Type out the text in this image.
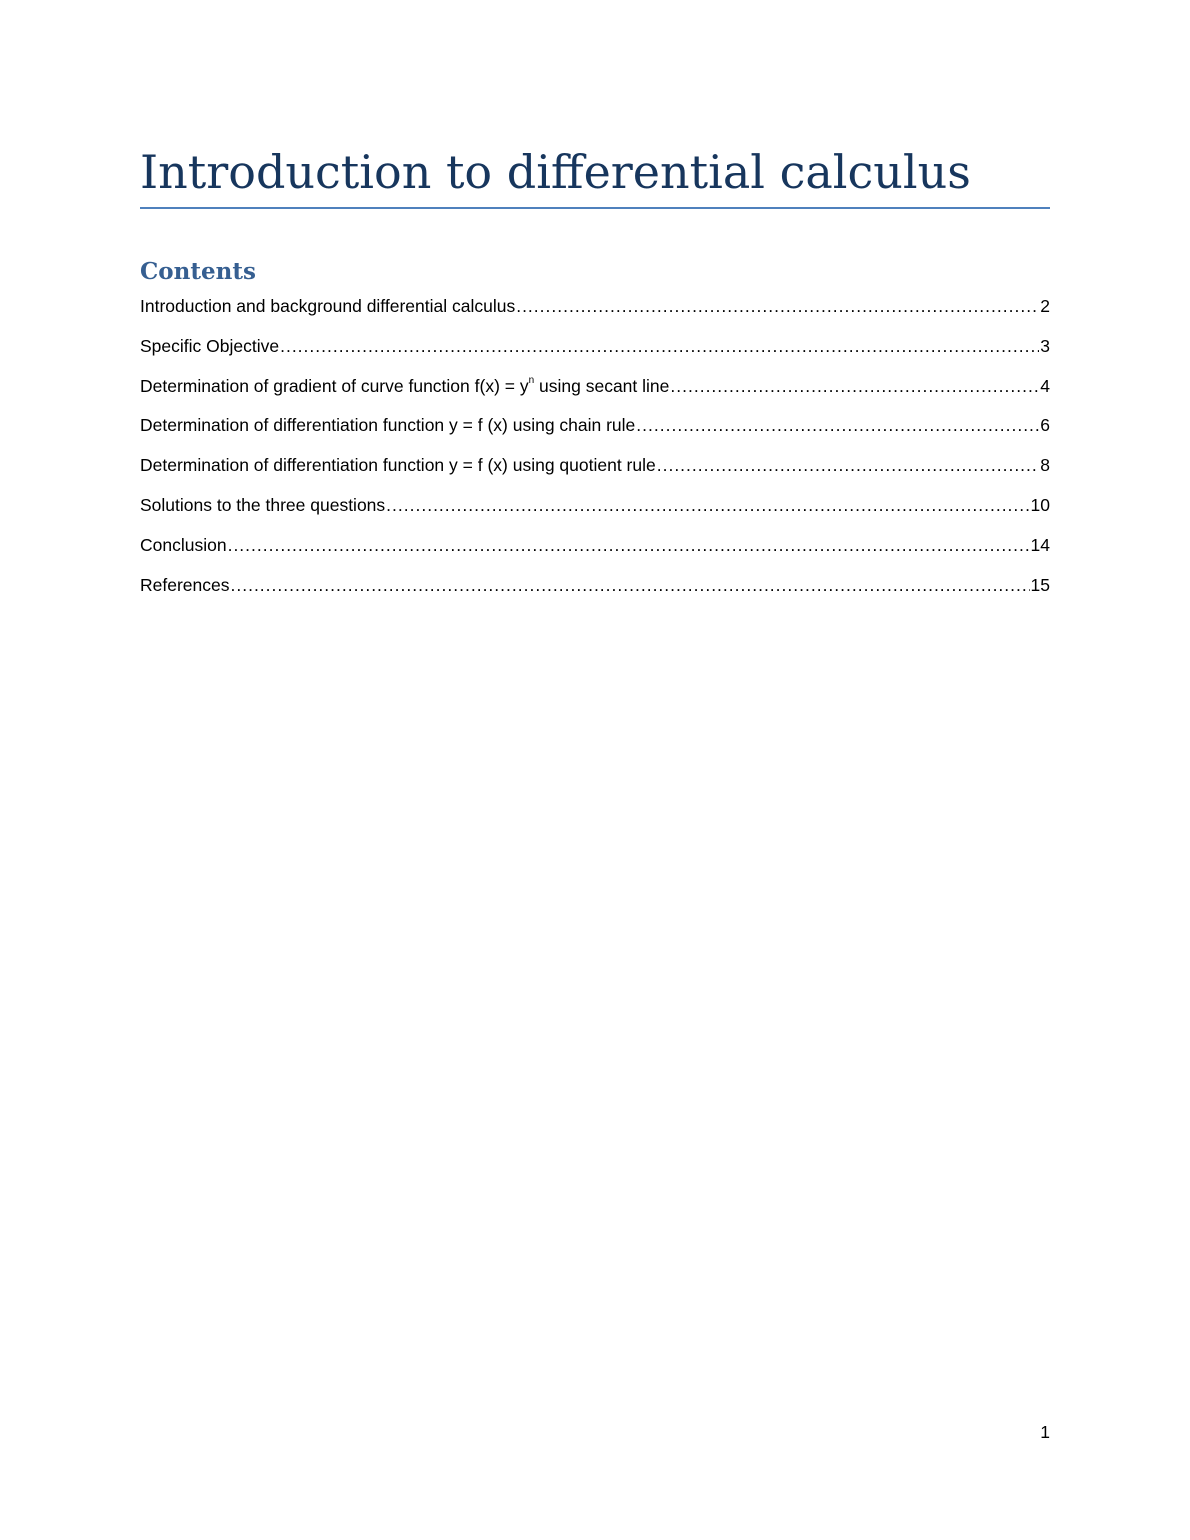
Introduction to differential calculus
Contents
Introduction and background differential calculus .....	2
Specific Objective .....	3
Determination of gradient of curve function $f(x) = y^n$ using secant line .....	4
Determination of differentiation function y = f (x) using chain rule .....	6
Determination of differentiation function y = f (x) using quotient rule .....	8
Solutions to the three questions .....	10
Conclusion .....	14
References .....	15
1
